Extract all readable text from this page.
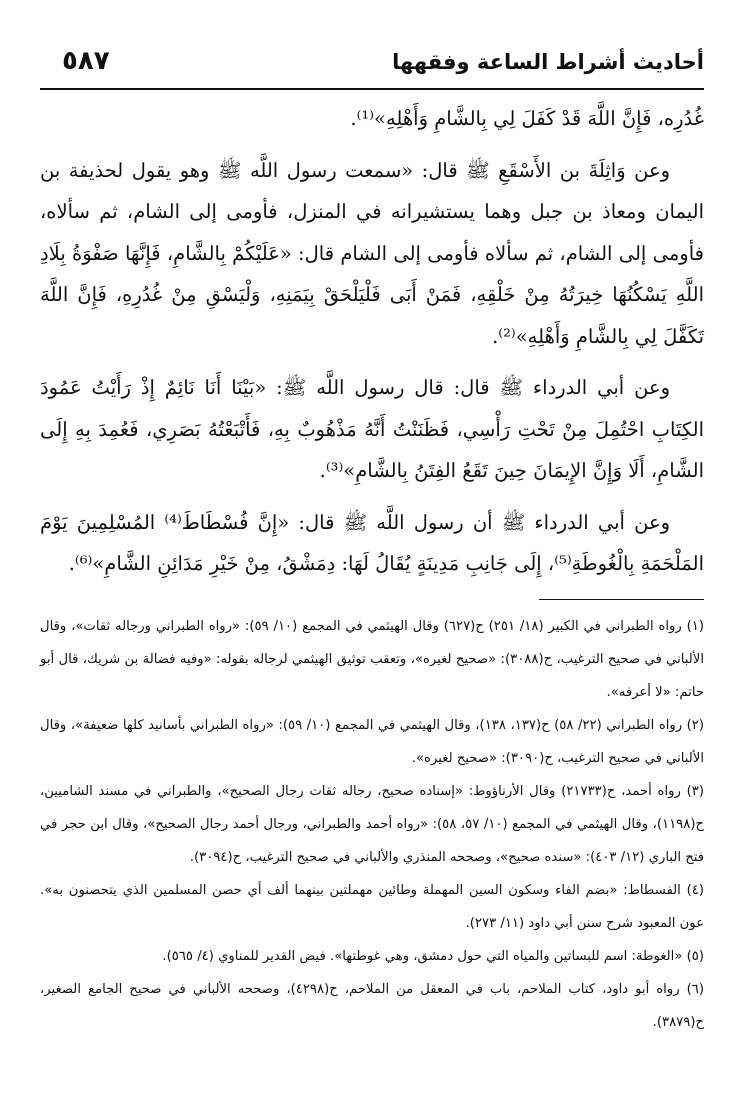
أحاديث أشراط الساعة وفقهها
٥٨٧

غُدُرِه، فَإِنَّ اللَّهَ قَدْ كَفَلَ لِي بِالشَّامِ وَأَهْلِهِ»⁽¹⁾.

وعن وَاثِلَةَ بن الأَسْقَعِ ﷺ قال: «سمعت رسول اللَّه ﷺ وهو يقول لحذيفة بن اليمان ومعاذ بن جبل وهما يستشيرانه في المنزل، فأومى إلى الشام، ثم سألاه، فأومى إلى الشام، ثم سألاه فأومى إلى الشام قال: «عَلَيْكُمْ بِالشَّامِ، فَإِنَّهَا صَفْوَةُ بِلَادِ اللَّهِ يَسْكُنُهَا خِيرَتُهُ مِنْ خَلْقِهِ، فَمَنْ أَبَى فَلْيَلْحَقْ بِيَمَنِهِ، وَلْيَسْقِ مِنْ غُدُرِهِ، فَإِنَّ اللَّهَ تَكَفَّلَ لِي بِالشَّامِ وَأَهْلِهِ»⁽²⁾.

وعن أبي الدرداء ﷺ قال: قال رسول اللَّه ﷺ: «بَيْنَا أَنَا نَائِمٌ إِذْ رَأَيْتُ عَمُودَ الكِتَابِ احْتُمِلَ مِنْ تَحْتِ رَأْسِي، فَظَنَنْتُ أَنَّهُ مَذْهُوبٌ بِهِ، فَأَتْبَعْتُهُ بَصَرِي، فَعُمِدَ بِهِ إِلَى الشَّامِ، أَلَا وَإِنَّ الإِيمَانَ حِينَ تَقَعُ الفِتَنُ بِالشَّامِ»⁽³⁾.

وعن أبي الدرداء ﷺ أن رسول اللَّه ﷺ قال: «إِنَّ فُسْطَاطَ⁽⁴⁾ المُسْلِمِينَ يَوْمَ المَلْحَمَةِ بِالْغُوطَةِ⁽⁵⁾، إِلَى جَانِبِ مَدِينَةٍ يُقَالُ لَهَا: دِمَشْقُ، مِنْ خَيْرِ مَدَائِنِ الشَّامِ»⁽⁶⁾.

(١) رواه الطبراني في الكبير (١٨/ ٢٥١) ح(٦٢٧) وقال الهيثمي في المجمع (١٠/ ٥٩): «رواه الطبراني ورجاله ثقات»، وقال الألباني في صحيح الترغيب، ح(٣٠٨٨): «صحيح لغيره»، وتعقب توثيق الهيثمي لرجاله بقوله: «وفيه فضالة بن شريك، قال أبو حاتم: «لا أعرفه».

(٢) رواه الطبراني (٢٢/ ٥٨) ح(١٣٧، ١٣٨)، وقال الهيثمي في المجمع (١٠/ ٥٩): «رواه الطبراني بأسانيد كلها ضعيفة»، وقال الألباني في صحيح الترغيب، ح(٣٠٩٠): «صحيح لغيره».

(٣) رواه أحمد، ح(٢١٧٣٣) وقال الأرناؤوط: «إسناده صحيح، رجاله ثقات رجال الصحيح»، والطبراني في مسند الشاميين، ح(١١٩٨)، وقال الهيثمي في المجمع (١٠/ ٥٧، ٥٨): «رواه أحمد والطبراني، ورجال أحمد رجال الصحيح»، وقال ابن حجر في فتح الباري (١٢/ ٤٠٣): «سنده صحيح»، وصححه المنذري والألباني في صحيح الترغيب، ح(٣٠٩٤).

(٤) الفسطاط: «بضم الفاء وسكون السين المهملة وطائين مهملتين بينهما ألف أي حصن المسلمين الذي يتحصنون به». عون المعبود شرح سنن أبي داود (١١/ ٢٧٣).

(٥) «الغوطة: اسم للبساتين والمياه التي حول دمشق، وهي غوطتها». فيض القدير للمناوي (٤/ ٥٦٥).

(٦) رواه أبو داود، كتاب الملاحم، باب في المعقل من الملاحم، ح(٤٢٩٨)، وصححه الألباني في صحيح الجامع الصغير، ح(٣٨٧٩).
